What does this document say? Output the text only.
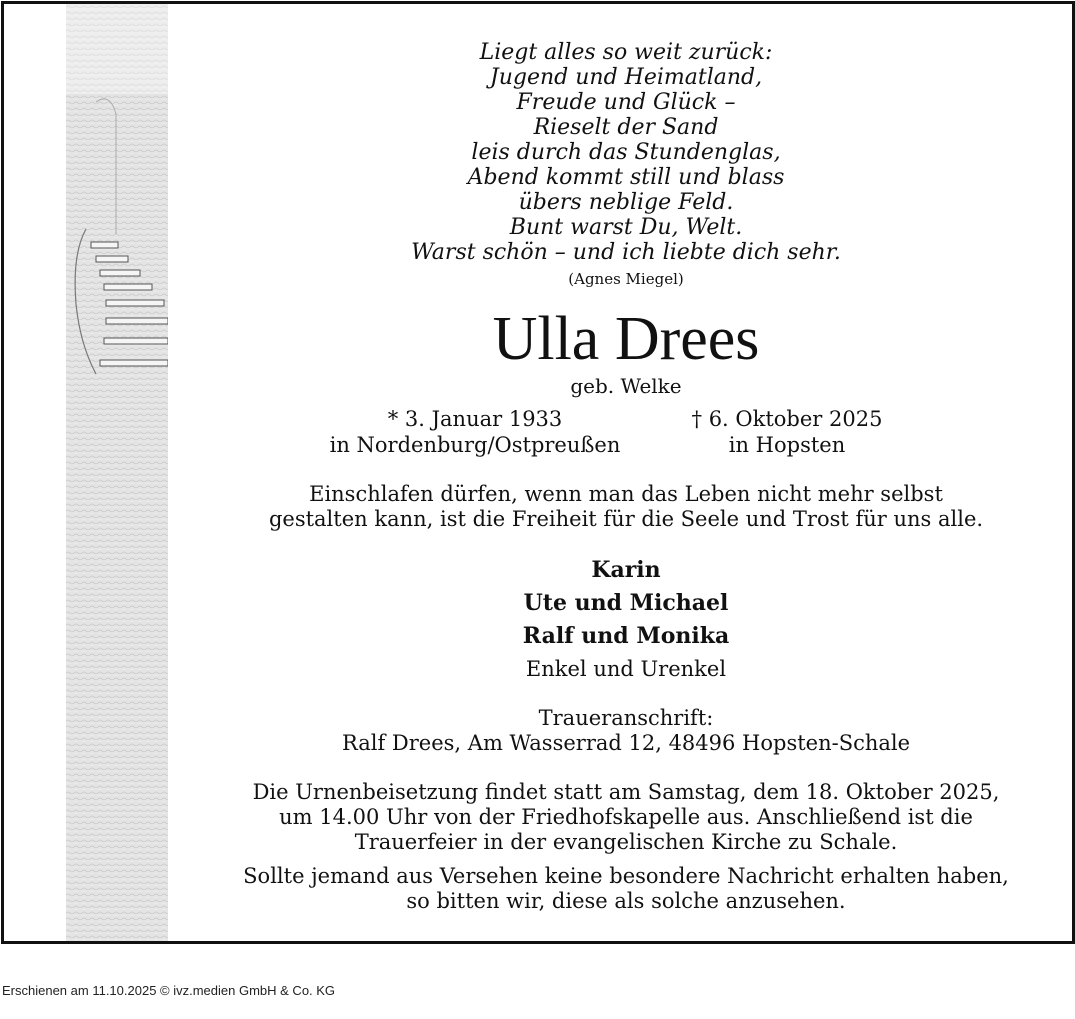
Liegt alles so weit zurück:
Jugend und Heimatland,
Freude und Glück –
Rieselt der Sand
leis durch das Stundenglas,
Abend kommt still und blass
übers neblige Feld.
Bunt warst Du, Welt.
Warst schön – und ich liebte dich sehr.
(Agnes Miegel)
Ulla Drees
geb. Welke
* 3. Januar 1933
in Nordenburg/Ostpreußen
† 6. Oktober 2025
in Hopsten
Einschlafen dürfen, wenn man das Leben nicht mehr selbst
gestalten kann, ist die Freiheit für die Seele und Trost für uns alle.
Karin
Ute und Michael
Ralf und Monika
Enkel und Urenkel
Traueranschrift:
Ralf Drees, Am Wasserrad 12, 48496 Hopsten-Schale
Die Urnenbeisetzung findet statt am Samstag, dem 18. Oktober 2025,
um 14.00 Uhr von der Friedhofskapelle aus. Anschließend ist die
Trauerfeier in der evangelischen Kirche zu Schale.
Sollte jemand aus Versehen keine besondere Nachricht erhalten haben,
so bitten wir, diese als solche anzusehen.
Erschienen am 11.10.2025 © ivz.medien GmbH & Co. KG
